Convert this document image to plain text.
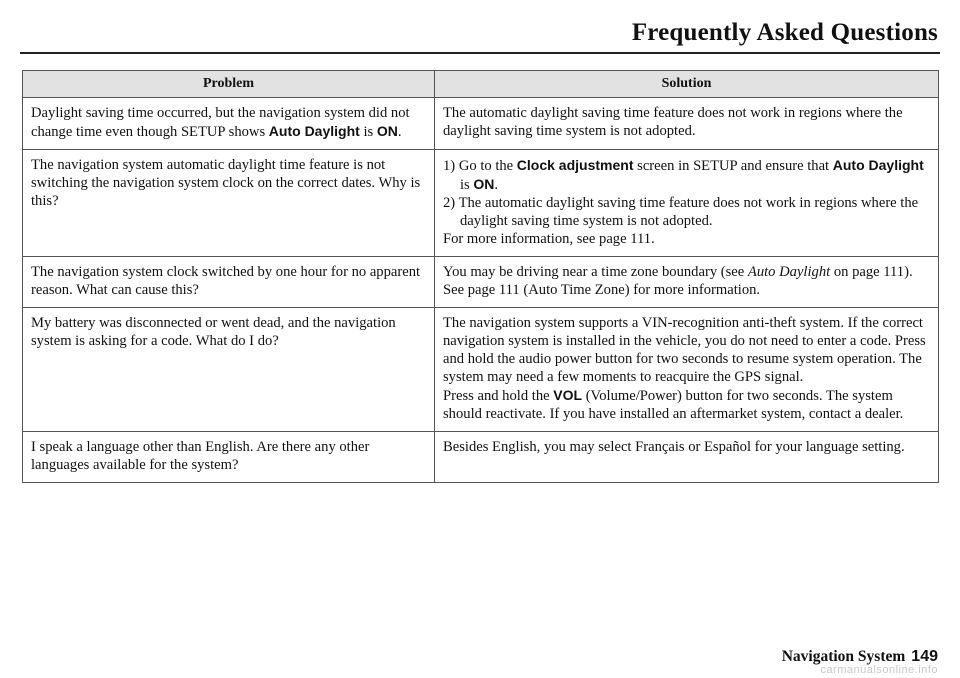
Frequently Asked Questions
Problem	Solution
Daylight saving time occurred, but the navigation system did not change time even though SETUP shows Auto Daylight is ON.	The automatic daylight saving time feature does not work in regions where the daylight saving time system is not adopted.
The navigation system automatic daylight time feature is not switching the navigation system clock on the correct dates. Why is this?	1) Go to the Clock adjustment screen in SETUP and ensure that Auto Daylight is ON.
2) The automatic daylight saving time feature does not work in regions where the daylight saving time system is not adopted.
For more information, see page 111.
The navigation system clock switched by one hour for no apparent reason. What can cause this?	You may be driving near a time zone boundary (see Auto Daylight on page 111). See page 111 (Auto Time Zone) for more information.
My battery was disconnected or went dead, and the navigation system is asking for a code. What do I do?	The navigation system supports a VIN-recognition anti-theft system. If the correct navigation system is installed in the vehicle, you do not need to enter a code. Press and hold the audio power button for two seconds to resume system operation. The system may need a few moments to reacquire the GPS signal.
Press and hold the VOL (Volume/Power) button for two seconds. The system should reactivate. If you have installed an aftermarket system, contact a dealer.
I speak a language other than English. Are there any other languages available for the system?	Besides English, you may select Français or Español for your language setting.
Navigation System 149
carmanualsonline.info
